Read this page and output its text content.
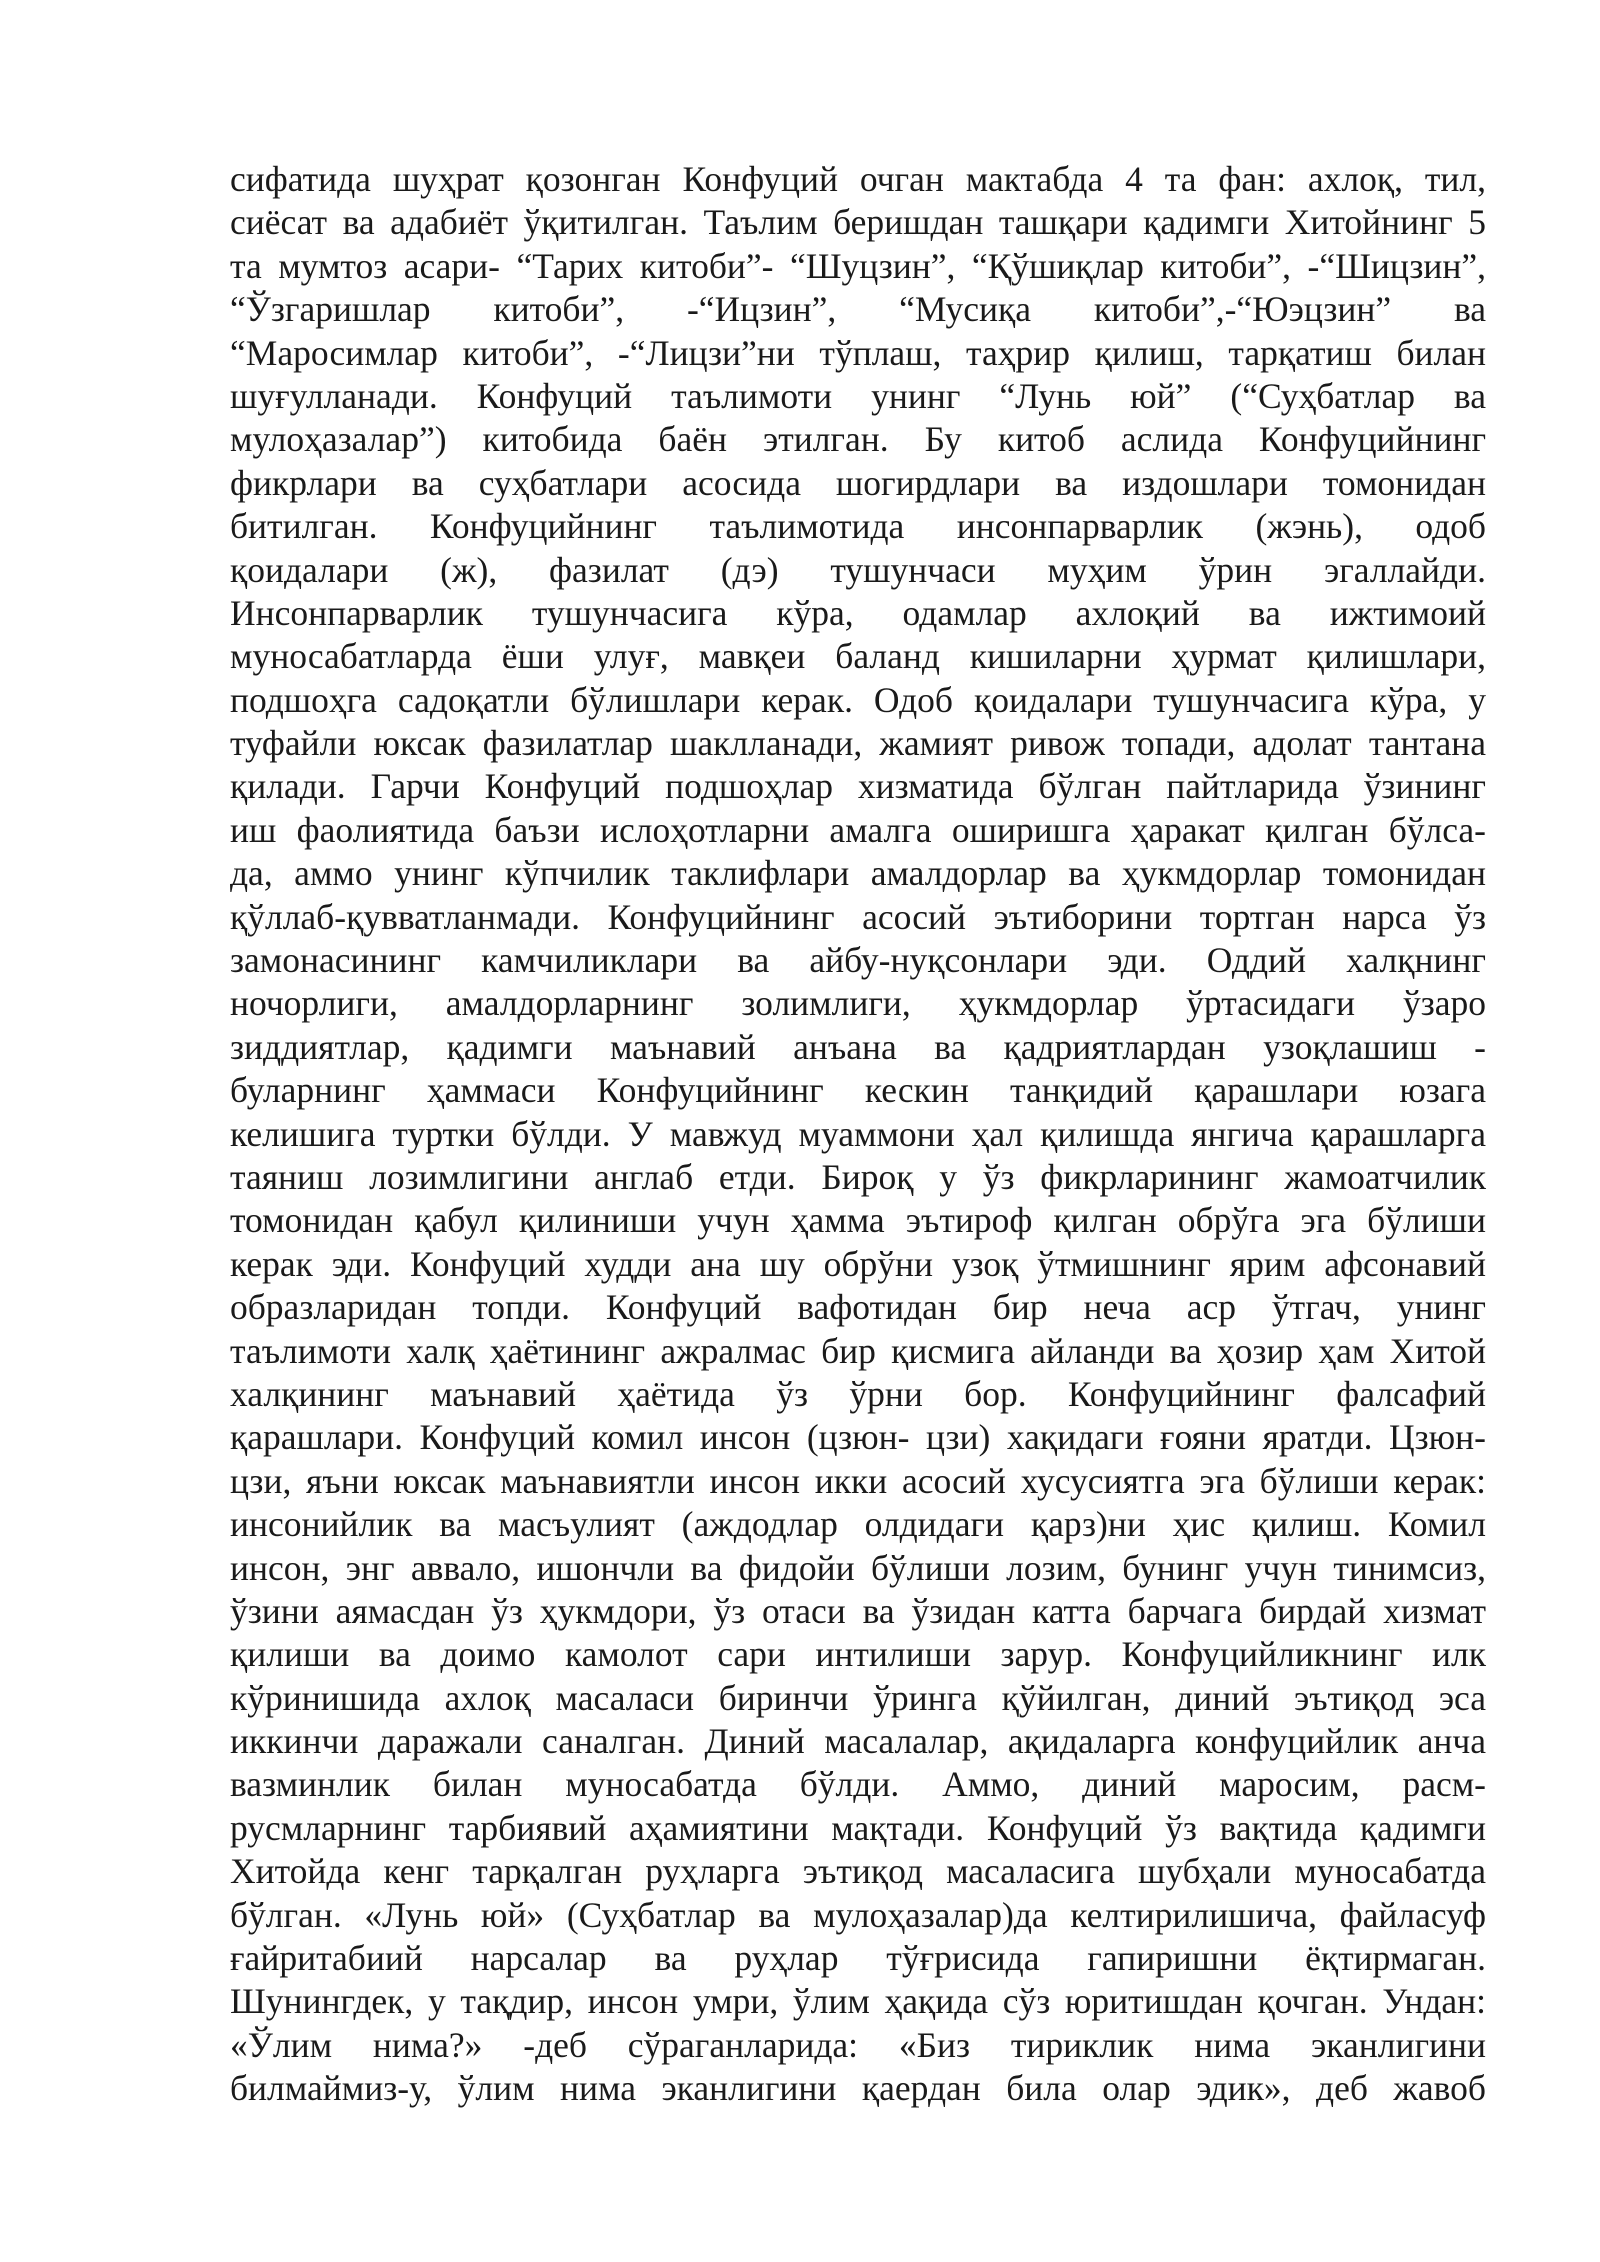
сифатида шуҳрат қозонган Конфуций очган мактабда 4 та фан: ахлоқ, тил,
сиёсат ва адабиёт ўқитилган. Таълим беришдан ташқари қадимги Хитойнинг 5
та мумтоз асари- “Тарих китоби”- “Шуцзин”, “Қўшиқлар китоби”, -“Шицзин”,
“Ўзгаришлар китоби”, -“Ицзин”, “Мусиқа китоби”,-“Юэцзин” ва
“Маросимлар китоби”, -“Лицзи”ни тўплаш, таҳрир қилиш, тарқатиш билан
шуғулланади. Конфуций таълимоти унинг “Лунь юй” (“Суҳбатлар ва
мулоҳазалар”) китобида баён этилган. Бу китоб аслида Конфуцийнинг
фикрлари ва суҳбатлари асосида шогирдлари ва издошлари томонидан
битилган. Конфуцийнинг таълимотида инсонпарварлик (жэнь), одоб
қоидалари (ж), фазилат (дэ) тушунчаси муҳим ўрин эгаллайди.
Инсонпарварлик тушунчасига кўра, одамлар ахлоқий ва ижтимоий
муносабатларда ёши улуғ, мавқеи баланд кишиларни ҳурмат қилишлари,
подшоҳга садоқатли бўлишлари керак. Одоб қоидалари тушунчасига кўра, у
туфайли юксак фазилатлар шаклланади, жамият ривож топади, адолат тантана
қилади. Гарчи Конфуций подшоҳлар хизматида бўлган пайтларида ўзининг
иш фаолиятида баъзи ислоҳотларни амалга оширишга ҳаракат қилган бўлса-
да, аммо унинг кўпчилик таклифлари амалдорлар ва ҳукмдорлар томонидан
қўллаб-қувватланмади. Конфуцийнинг асосий эътиборини тортган нарса ўз
замонасининг камчиликлари ва айбу-нуқсонлари эди. Оддий халқнинг
ночорлиги, амалдорларнинг золимлиги, ҳукмдорлар ўртасидаги ўзаро
зиддиятлар, қадимги маънавий анъана ва қадриятлардан узоқлашиш -
буларнинг ҳаммаси Конфуцийнинг кескин танқидий қарашлари юзага
келишига туртки бўлди. У мавжуд муаммони ҳал қилишда янгича қарашларга
таяниш лозимлигини англаб етди. Бироқ у ўз фикрларининг жамоатчилик
томонидан қабул қилиниши учун ҳамма эътироф қилган обрўга эга бўлиши
керак эди. Конфуций худди ана шу обрўни узоқ ўтмишнинг ярим афсонавий
образларидан топди. Конфуций вафотидан бир неча аср ўтгач, унинг
таълимоти халқ ҳаётининг ажралмас бир қисмига айланди ва ҳозир ҳам Хитой
халқининг маънавий ҳаётида ўз ўрни бор. Конфуцийнинг фалсафий
қарашлари. Конфуций комил инсон (цзюн- цзи) хақидаги ғояни яратди. Цзюн-
цзи, яъни юксак маънавиятли инсон икки асосий хусусиятга эга бўлиши керак:
инсонийлик ва масъулият (аждодлар олдидаги қарз)ни ҳис қилиш. Комил
инсон, энг аввало, ишончли ва фидойи бўлиши лозим, бунинг учун тинимсиз,
ўзини аямасдан ўз ҳукмдори, ўз отаси ва ўзидан катта барчага бирдай хизмат
қилиши ва доимо камолот сари интилиши зарур. Конфуцийликнинг илк
кўринишида ахлоқ масаласи биринчи ўринга қўйилган, диний эътиқод эса
иккинчи даражали саналган. Диний масалалар, ақидаларга конфуцийлик анча
вазминлик билан муносабатда бўлди. Аммо, диний маросим, расм-
русмларнинг тарбиявий аҳамиятини мақтади. Конфуций ўз вақтида қадимги
Хитойда кенг тарқалган руҳларга эътиқод масаласига шубҳали муносабатда
бўлган. «Лунь юй» (Суҳбатлар ва мулоҳазалар)да келтирилишича, файласуф
ғайритабиий нарсалар ва руҳлар тўғрисида гапиришни ёқтирмаган.
Шунингдек, у тақдир, инсон умри, ўлим ҳақида сўз юритишдан қочган. Ундан:
«Ўлим нима?» -деб сўраганларида: «Биз тириклик нима эканлигини
билмаймиз-у, ўлим нима эканлигини қаердан била олар эдик», деб жавоб
